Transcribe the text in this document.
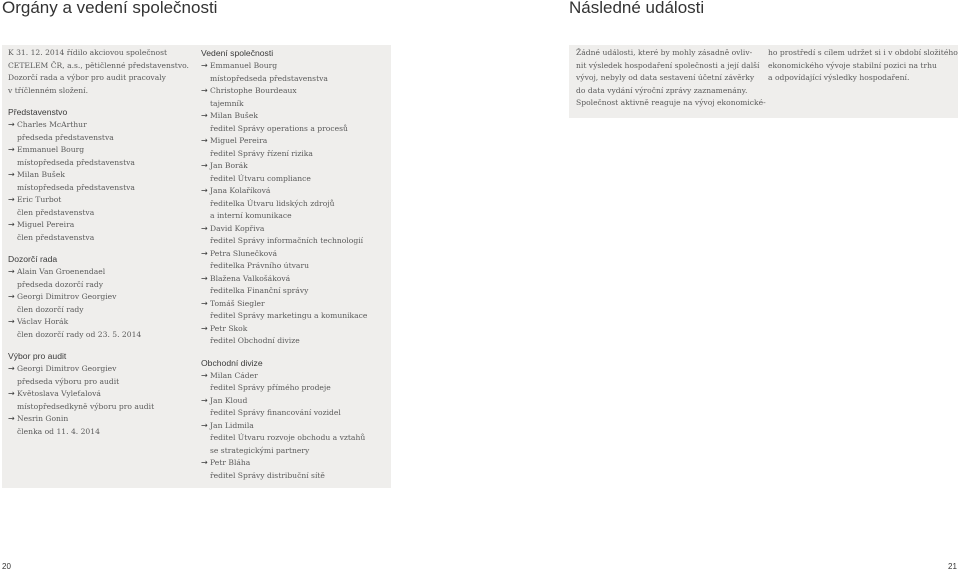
Orgány a vedení společnosti	Následné události
K 31. 12. 2014 řídilo akciovou společnost
CETELEM ČR, a.s., pětičlenné představenstvo.
Dozorčí rada a výbor pro audit pracovaly
v tříčlenném složení.
Představenstvo
→ Charles McArthur
předseda představenstva
→ Emmanuel Bourg
místopředseda představenstva
→ Milan Bušek
místopředseda představenstva
→ Eric Turbot
člen představenstva
→ Miguel Pereira
člen představenstva
Dozorčí rada
→ Alain Van Groenendael
předseda dozorčí rady
→ Georgi Dimitrov Georgiev
člen dozorčí rady
→ Václav Horák
člen dozorčí rady od 23. 5. 2014
Výbor pro audit
→ Georgi Dimitrov Georgiev
předseda výboru pro audit
→ Květoslava Vyleťalová
místopředsedkyně výboru pro audit
→ Nesrin Gonin
členka od 11. 4. 2014
Vedení společnosti
→ Emmanuel Bourg
místopředseda představenstva
→ Christophe Bourdeaux
tajemník
→ Milan Bušek
ředitel Správy operations a procesů
→ Miguel Pereira
ředitel Správy řízení rizika
→ Jan Borák
ředitel Útvaru compliance
→ Jana Kolaříková
ředitelka Útvaru lidských zdrojů
a interní komunikace
→ David Kopřiva
ředitel Správy informačních technologií
→ Petra Slunečková
ředitelka Právního útvaru
→ Blažena Valkošáková
ředitelka Finanční správy
→ Tomáš Siegler
ředitel Správy marketingu a komunikace
→ Petr Skok
ředitel Obchodní divize
Obchodní divize
→ Milan Cáder
ředitel Správy přímého prodeje
→ Jan Kloud
ředitel Správy financování vozidel
→ Jan Lidmila
ředitel Útvaru rozvoje obchodu a vztahů
se strategickými partnery
→ Petr Bláha
ředitel Správy distribuční sítě
Žádné události, které by mohly zásadně ovliv-
nit výsledek hospodaření společnosti a její další
vývoj, nebyly od data sestavení účetní závěrky
do data vydání výroční zprávy zaznamenány.
Společnost aktivně reaguje na vývoj ekonomické-
ho prostředí s cílem udržet si i v období složitého
ekonomického vývoje stabilní pozici na trhu
a odpovídající výsledky hospodaření.
20	21
